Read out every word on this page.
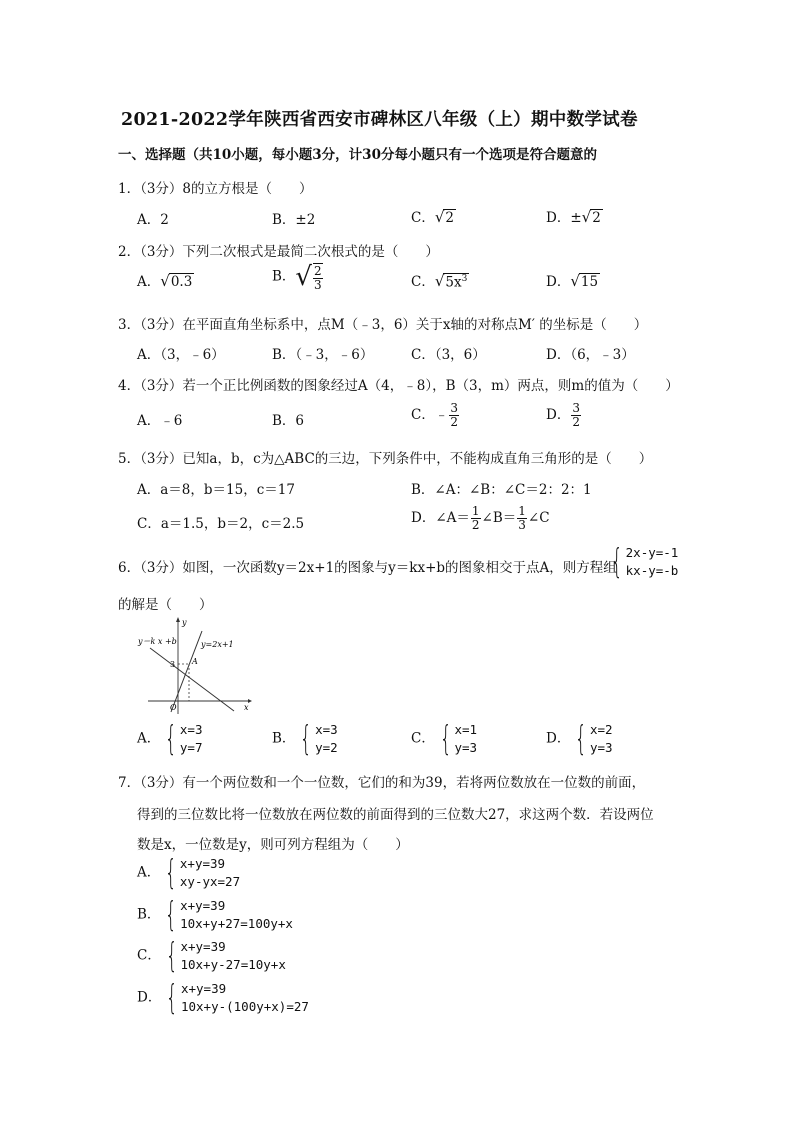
2021-2022学年陕西省西安市碑林区八年级（上）期中数学试卷
一、选择题（共10小题，每小题3分，计30分每小题只有一个选项是符合题意的
1．（3分）8的立方根是（　　）
A．2	B．±2	C．√2	D．±√2
2．（3分）下列二次根式是最简二次根式的是（　　）
A．√0.3	B．√ $\frac{2}{3}$	C．$√5x^3$	D．√15
3．（3分）在平面直角坐标系中，点M（﹣3，6）关于x轴的对称点M′ 的坐标是（　　）
A．（3，﹣6）	B．（﹣3，﹣6）	C．（3，6）	D．（6，﹣3）
4．（3分）若一个正比例函数的图象经过A（4，﹣8），B（3，m）两点，则m的值为（　　）
A．﹣6	B．6	C．﹣ $\frac{3}{2}$	D． $\frac{3}{2}$
5．（3分）已知a，b，c为△ABC的三边，下列条件中，不能构成直角三角形的是（　　）
A．a＝8，b＝15，c＝17	B．∠A：∠B：∠C＝2：2：1
C．a＝1.5，b＝2，c＝2.5	D．∠A＝ $\frac{1}{2}$ ∠B＝ $\frac{1}{3}$ ∠C
6．（3分）如图，一次函数y＝2x+1的图象与y＝kx+b的图象相交于点A，则方程组
{ 2x-y=-1
kx-y=-b
的解是（　　）
y＝k x +b	y=2x+1
y
x
O
3 A
A． { x=3
y=7
B． { x=3
y=2
C． { x=1
y=3
D． { x=2
y=3
7．（3分）有一个两位数和一个一位数，它们的和为39，若将两位数放在一位数的前面，
得到的三位数比将一位数放在两位数的前面得到的三位数大27，求这两个数．若设两位
数是x，一位数是y，则可列方程组为（　　）
A． { x+y=39
xy-yx=27
B． { x+y=39
10x+y+27=100y+x
C． { x+y=39
10x+y-27=10y+x
D． { x+y=39
10x+y-(100y+x)=27
